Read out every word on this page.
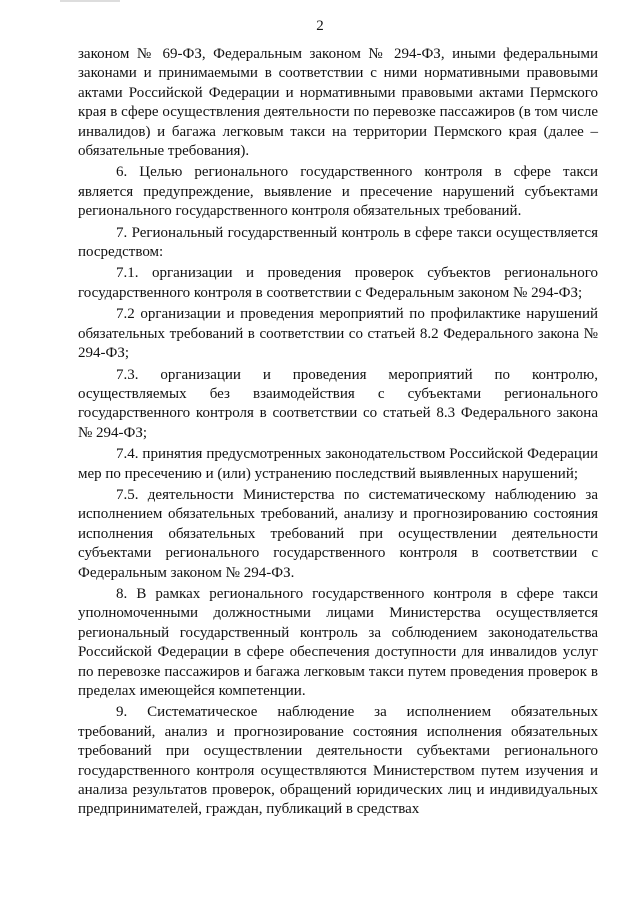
2

законом № 69-ФЗ, Федеральным законом № 294-ФЗ, иными федеральными законами и принимаемыми в соответствии с ними нормативными правовыми актами Российской Федерации и нормативными правовыми актами Пермского края в сфере осуществления деятельности по перевозке пассажиров (в том числе инвалидов) и багажа легковым такси на территории Пермского края (далее – обязательные требования).

6. Целью регионального государственного контроля в сфере такси является предупреждение, выявление и пресечение нарушений субъектами регионального государственного контроля обязательных требований.

7. Региональный государственный контроль в сфере такси осуществляется посредством:

7.1. организации и проведения проверок субъектов регионального государственного контроля в соответствии с Федеральным законом № 294-ФЗ;

7.2 организации и проведения мероприятий по профилактике нарушений обязательных требований в соответствии со статьей 8.2 Федерального закона № 294-ФЗ;

7.3. организации и проведения мероприятий по контролю, осуществляемых без взаимодействия с субъектами регионального государственного контроля в соответствии со статьей 8.3 Федерального закона № 294-ФЗ;

7.4. принятия предусмотренных законодательством Российской Федерации мер по пресечению и (или) устранению последствий выявленных нарушений;

7.5. деятельности Министерства по систематическому наблюдению за исполнением обязательных требований, анализу и прогнозированию состояния исполнения обязательных требований при осуществлении деятельности субъектами регионального государственного контроля в соответствии с Федеральным законом № 294-ФЗ.

8. В рамках регионального государственного контроля в сфере такси уполномоченными должностными лицами Министерства осуществляется региональный государственный контроль за соблюдением законодательства Российской Федерации в сфере обеспечения доступности для инвалидов услуг по перевозке пассажиров и багажа легковым такси путем проведения проверок в пределах имеющейся компетенции.

9. Систематическое наблюдение за исполнением обязательных требований, анализ и прогнозирование состояния исполнения обязательных требований при осуществлении деятельности субъектами регионального государственного контроля осуществляются Министерством путем изучения и анализа результатов проверок, обращений юридических лиц и индивидуальных предпринимателей, граждан, публикаций в средствах
